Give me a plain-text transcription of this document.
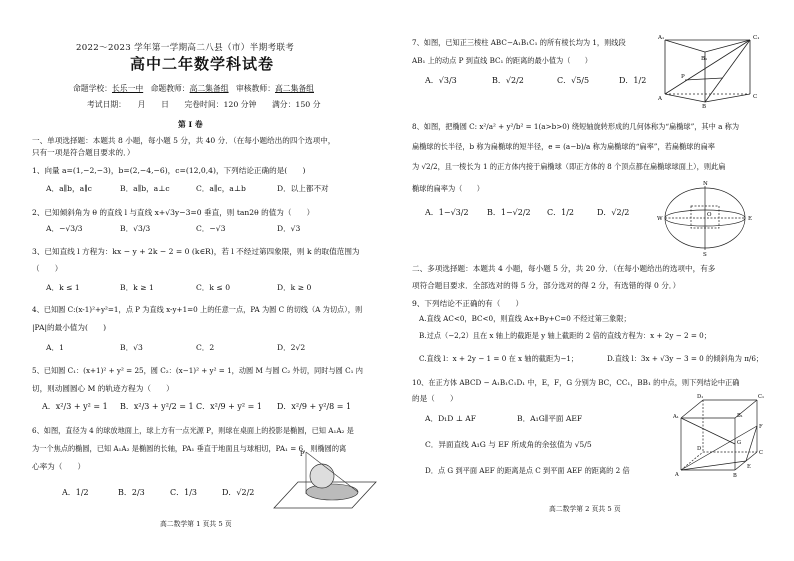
2022～2023 学年第一学期高二八县（市）半期考联考
高中二年数学科试卷
命题学校：长乐一中 命题教师：高二集备组 审核教师：高二集备组
考试日期：　　月　　日　　完卷时间：120 分钟　　满分：150 分
第 Ⅰ 卷
一、单项选择题：本题共 8 小题，每小题 5 分，共 40 分．（在每小题给出的四个选项中，
只有一项是符合题目要求的．）
1、向量 a=(1,−2,−3)，b=(2,−4,−6)，c=(12,0,4)，下列结论正确的是(　　)
A．a∥b，a∥c	B．a∥b，a⊥c	C．a∥c，a⊥b	D．以上都不对
2、已知倾斜角为 θ 的直线 l 与直线 x+√3y−3=0 垂直，则 tan2θ 的值为（　　）
A．−√3/3	B．√3/3	C．−√3	D．√3
3、已知直线 l 方程为：kx − y + 2k − 2 = 0 (k∈R)，若 l 不经过第四象限，则 k 的取值范围为
（　　）
A．k ≤ 1	B．k ≥ 1	C．k ≤ 0	D．k ≥ 0
4、已知圆 C:(x-1)²+y²=1，点 P 为直线 x-y+1=0 上的任意一点，PA 为圆 C 的切线（A 为切点），则
|PA|的最小值为(　　)
A．1	B．√3	C．2	D．2√2
5、已知圆 C₁：(x+1)² + y² = 25，圆 C₂：(x−1)² + y² = 1，动圆 M 与圆 C₂ 外切，同时与圆 C₁ 内
切，则动圆圆心 M 的轨迹方程为（　　）
A．x²/3 + y² = 1 B．x²/3 + y²/2 = 1 C．x²/9 + y² = 1 D．x²/9 + y²/8 = 1
6、如图，直径为 4 的球放地面上，球上方有一点光源 P，则球在桌面上的投影是椭圆，已知 A₁A₂ 是
为一个焦点的椭圆，已知 A₁A₂ 是椭圆的长轴，PA₁ 垂直于地面且与球相切，PA₁ = 6，则椭圆的离
心率为（　　）
A．1/2	B．2/3	C．1/3	D．√2/2
P
高二数学第 1 页共 5 页
7、如图，已知正三棱柱 ABC−A₁B₁C₁ 的所有棱长均为 1，则线段
AB₁ 上的动点 P 到直线 BC₁ 的距离的最小值为（　　）
A．√3/3	B．√2/2	C．√5/5	D．1/2
A₁
B₁
C₁
A
B
C
P
8、如图，把椭圆 C: x²/a² + y²/b² = 1(a>b>0) 绕短轴旋转形成的几何体称为“扁椭球”，其中 a 称为
扁椭球的长半径，b 称为扁椭球的短半径，e = (a−b)/a 称为扁椭球的“扁率”，若扁椭球的扁率
为 √2/2，且一棱长为 1 的正方体内接于扁椭球（即正方体的 8 个顶点都在扁椭球球面上），则此扁
椭球的扁率为（　　）
A．1−√3/2 B．1−√2/2 C．1/2	D．√2/2
N
S
W	E
O
二、多项选择题：本题共 4 小题，每小题 5 分，共 20 分．（在每小题给出的选项中，有多
项符合题目要求．全部选对的得 5 分，部分选对的得 2 分，有选错的得 0 分．）
9、下列结论不正确的有（　　）
A.直线 AC<0，BC<0，则直线 Ax+By+C=0 不经过第三象限；
B.过点（−2,2）且在 x 轴上的截距是 y 轴上截距的 2 倍的直线方程为：x + 2y − 2 = 0；
C.直线 l：x + 2y − 1 = 0 在 x 轴的截距为−1；	D.直线 l：3x + √3y − 3 = 0 的倾斜角为 π/6；
10、在正方体 ABCD − A₁B₁C₁D₁ 中，E，F，G 分别为 BC，CC₁，BB₁ 的中点，则下列结论中正确
的是（　　）
A．D₁D ⊥ AF	B．A₁G∥平面 AEF
C．异面直线 A₁G 与 EF 所成角的余弦值为 √5/5
D．点 G 到平面 AEF 的距离是点 C 到平面 AEF 的距离的 2 倍
D₁	C₁
A₁	B₁
D
C
A	B
F
G
E
高二数学第 2 页共 5 页
